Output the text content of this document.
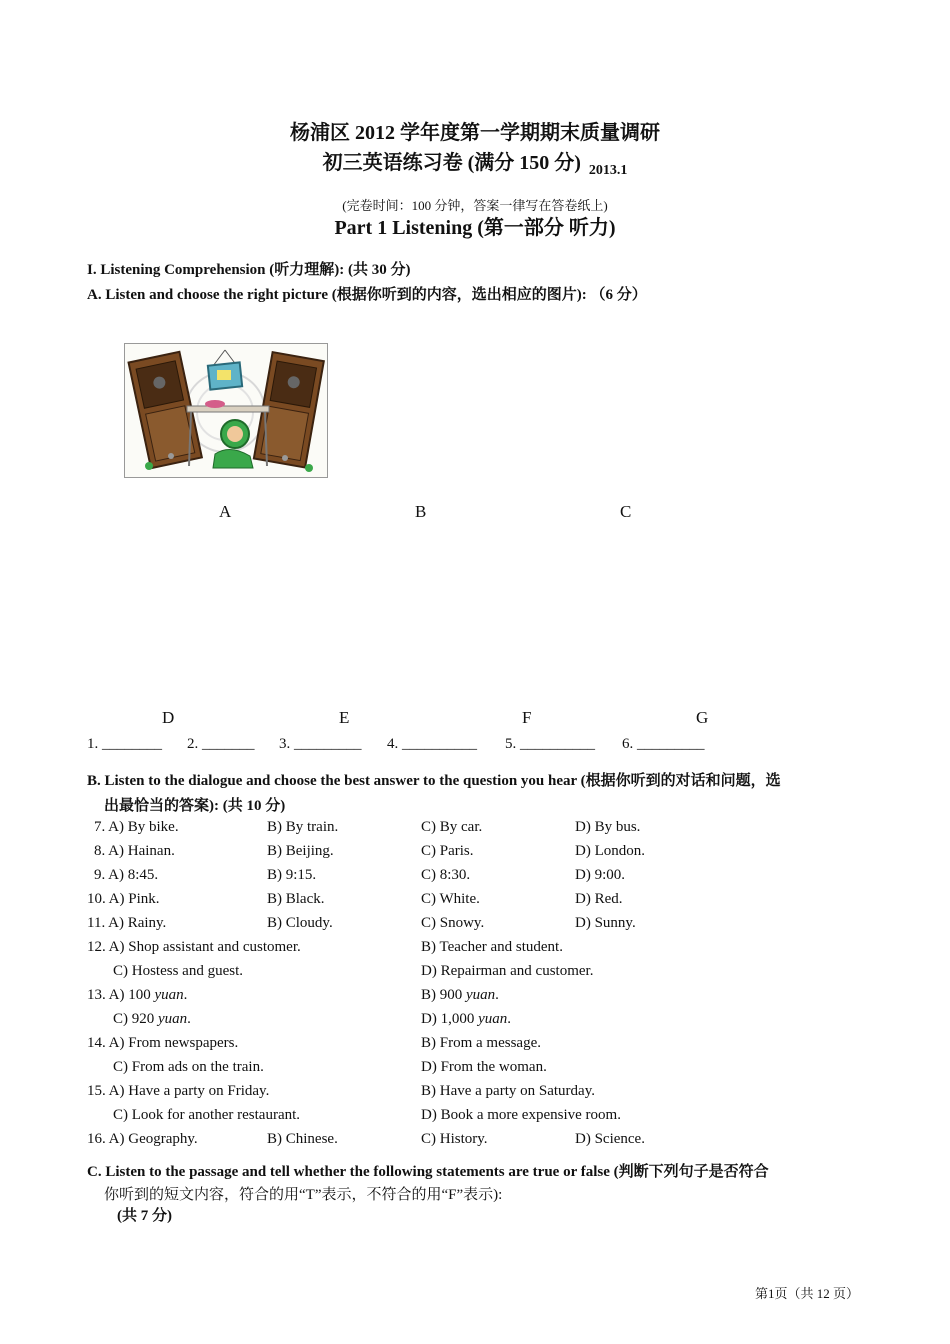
杨浦区 2012 学年度第一学期期末质量调研
初三英语练习卷 (满分 150 分) 2013.1
(完卷时间：100 分钟，答案一律写在答卷纸上)
Part 1 Listening (第一部分 听力)
I. Listening Comprehension (听力理解): (共 30 分)
A. Listen and choose the right picture (根据你听到的内容，选出相应的图片): （6 分）
A	B	C
D	E	F	G
1. ________ 2. _______ 3. _________ 4. __________ 5. __________ 6. _________
B. Listen to the dialogue and choose the best answer to the question you hear (根据你听到的对话和问题，选
出最恰当的答案): (共 10 分)
7. A) By bike.	B) By train.	C) By car.	D) By bus.
8. A) Hainan.	B) Beijing.	C) Paris.	D) London.
9. A) 8:45.	B) 9:15.	C) 8:30.	D) 9:00.
10. A) Pink.	B) Black.	C) White.	D) Red.
11. A) Rainy.	B) Cloudy.	C) Snowy.	D) Sunny.
12. A) Shop assistant and customer.	B) Teacher and student.
C) Hostess and guest.	D) Repairman and customer.
13. A) 100 yuan.	B) 900 yuan.
C) 920 yuan.	D) 1,000 yuan.
14. A) From newspapers.	B) From a message.
C) From ads on the train.	D) From the woman.
15. A) Have a party on Friday.	B) Have a party on Saturday.
C) Look for another restaurant.	D) Book a more expensive room.
16. A) Geography.	B) Chinese.	C) History.	D) Science.
C. Listen to the passage and tell whether the following statements are true or false (判断下列句子是否符合
你听到的短文内容，符合的用“T”表示，不符合的用“F”表示):
(共 7 分)
第1页（共 12 页）
